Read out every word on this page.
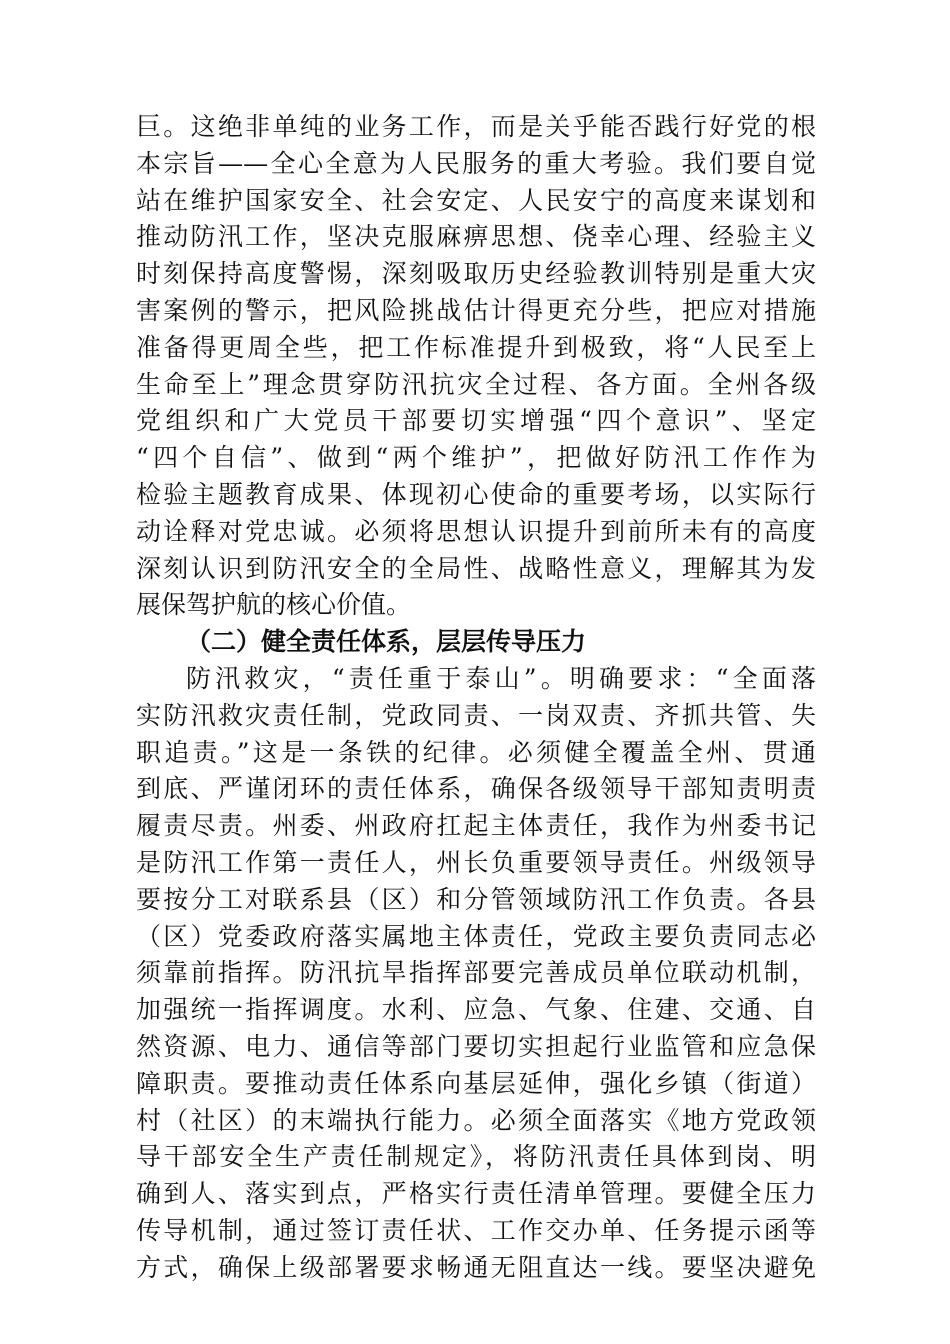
巨。这绝非单纯的业务工作，而是关乎能否践行好党的根
本宗旨——全心全意为人民服务的重大考验。我们要自觉
站在维护国家安全、社会安定、人民安宁的高度来谋划和
推动防汛工作，坚决克服麻痹思想、侥幸心理、经验主义
时刻保持高度警惕，深刻吸取历史经验教训特别是重大灾
害案例的警示，把风险挑战估计得更充分些，把应对措施
准备得更周全些，把工作标准提升到极致，将“人民至上
生命至上”理念贯穿防汛抗灾全过程、各方面。全州各级
党组织和广大党员干部要切实增强“四个意识”、坚定
“四个自信”、做到“两个维护”，把做好防汛工作作为
检验主题教育成果、体现初心使命的重要考场，以实际行
动诠释对党忠诚。必须将思想认识提升到前所未有的高度
深刻认识到防汛安全的全局性、战略性意义，理解其为发
展保驾护航的核心价值。
（二）健全责任体系，层层传导压力
防汛救灾，“责任重于泰山”。明确要求：“全面落
实防汛救灾责任制，党政同责、一岗双责、齐抓共管、失
职追责。”这是一条铁的纪律。必须健全覆盖全州、贯通
到底、严谨闭环的责任体系，确保各级领导干部知责明责
履责尽责。州委、州政府扛起主体责任，我作为州委书记
是防汛工作第一责任人，州长负重要领导责任。州级领导
要按分工对联系县（区）和分管领域防汛工作负责。各县
（区）党委政府落实属地主体责任，党政主要负责同志必
须靠前指挥。防汛抗旱指挥部要完善成员单位联动机制，
加强统一指挥调度。水利、应急、气象、住建、交通、自
然资源、电力、通信等部门要切实担起行业监管和应急保
障职责。要推动责任体系向基层延伸，强化乡镇（街道）
村（社区）的末端执行能力。必须全面落实《地方党政领
导干部安全生产责任制规定》，将防汛责任具体到岗、明
确到人、落实到点，严格实行责任清单管理。要健全压力
传导机制，通过签订责任状、工作交办单、任务提示函等
方式，确保上级部署要求畅通无阻直达一线。要坚决避免
